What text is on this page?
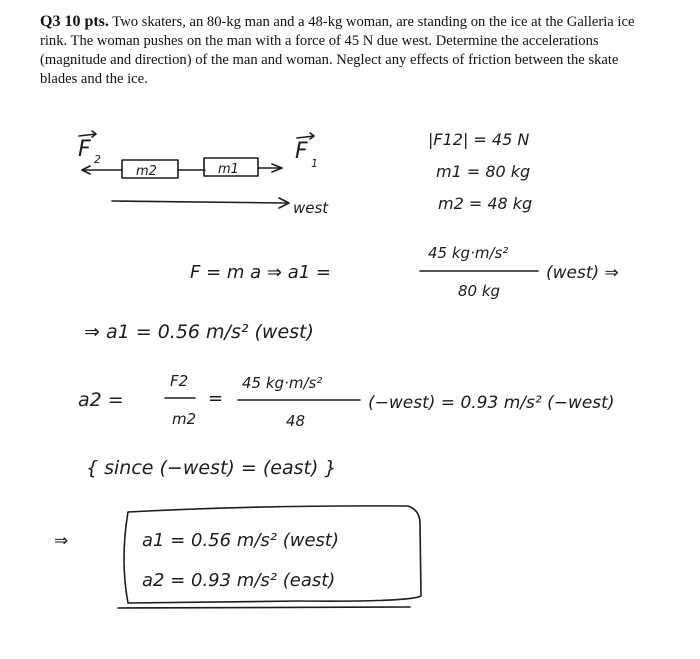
Q3 10 pts. Two skaters, an 80-kg man and a 48-kg woman, are standing on the ice at the Galleria ice rink. The woman pushes on the man with a force of 45 N due west. Determine the accelerations (magnitude and direction) of the man and woman. Neglect any effects of friction between the skate blades and the ice.
F 2
m2	m1
F 1
west
|F12| = 45 N
m1 = 80 kg
m2 = 48 kg
F = m a ⇒ a1 =
45 kg·m/s²
80 kg
(west) ⇒
⇒ a1 = 0.56 m/s² (west)
a2 =
F2
m2
=
45 kg·m/s²
48
(−west) = 0.93 m/s² (−west)
{ since (−west) = (east) }
⇒	a1 = 0.56 m/s² (west)
a2 = 0.93 m/s² (east)
